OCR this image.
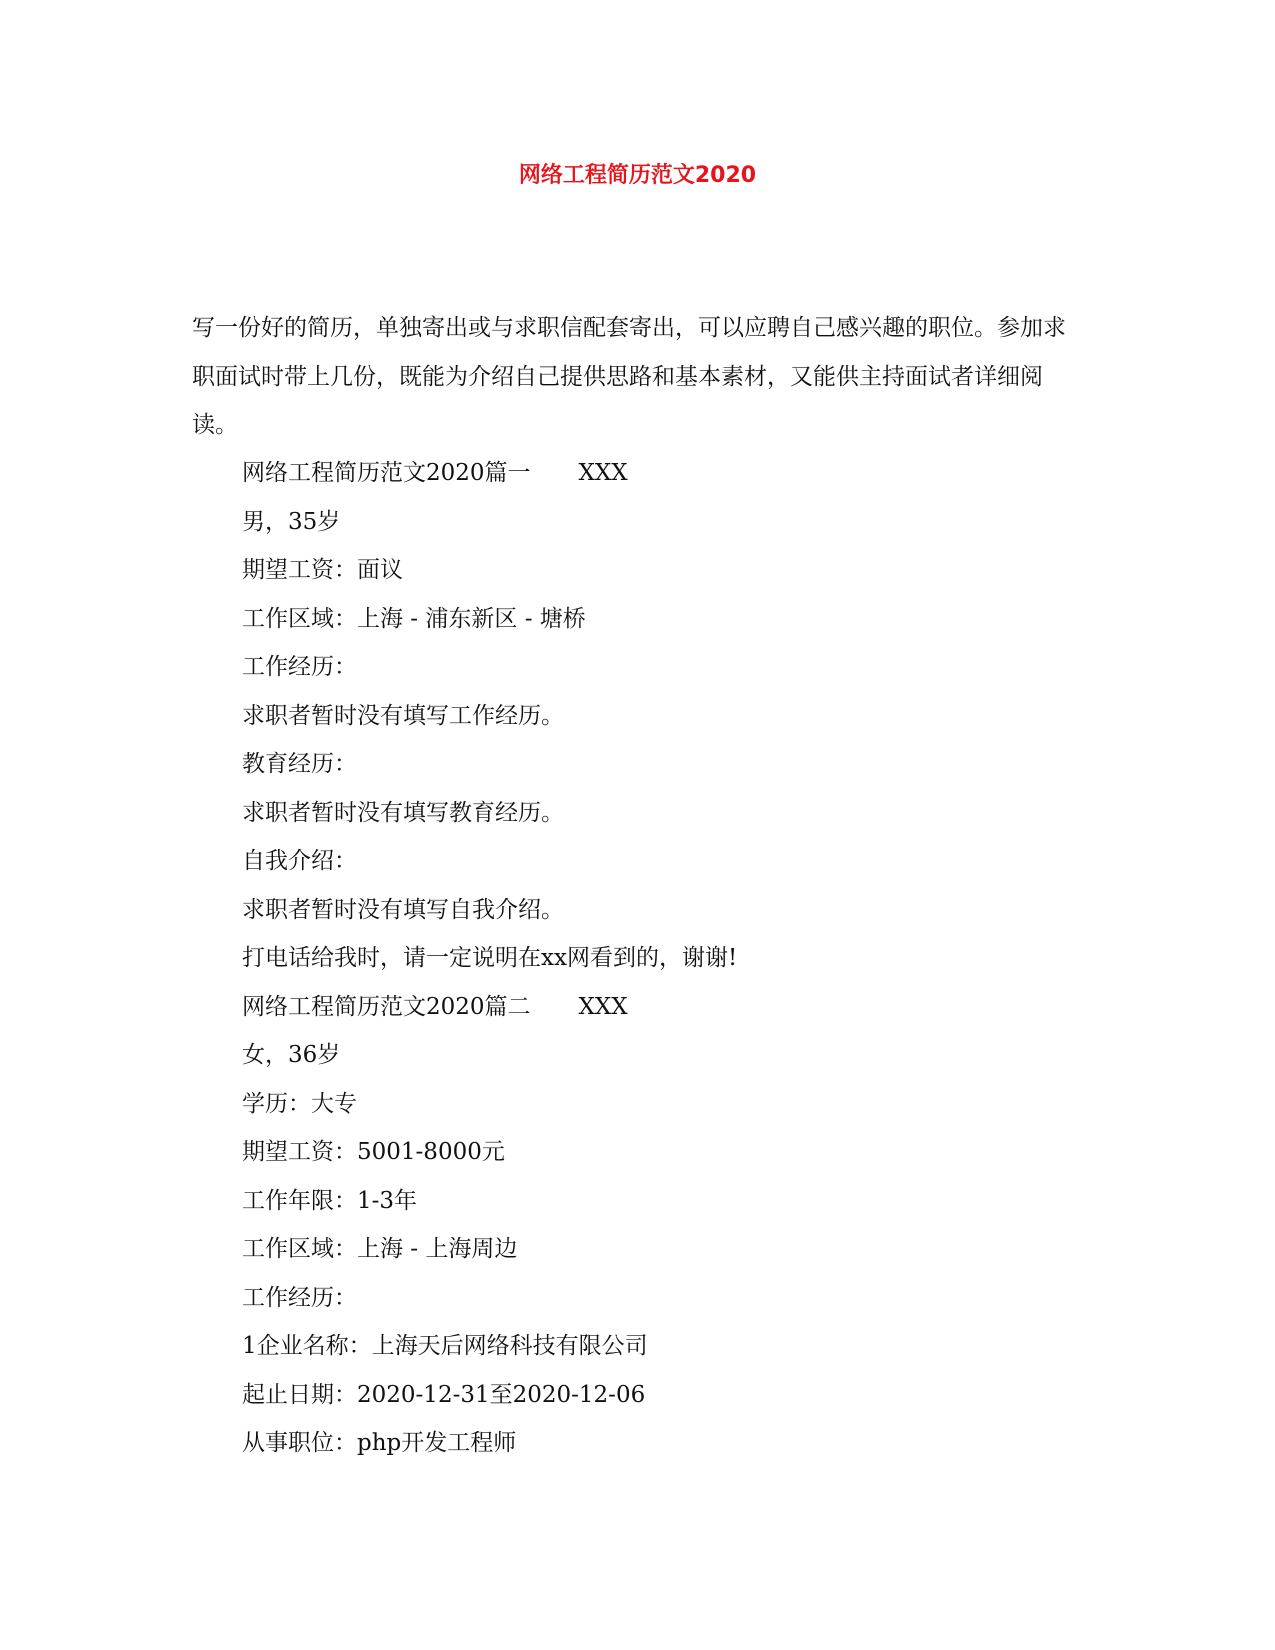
网络工程简历范文2020

写一份好的简历，单独寄出或与求职信配套寄出，可以应聘自己感兴趣的职位。参加求职面试时带上几份，既能为介绍自己提供思路和基本素材，又能供主持面试者详细阅读。

网络工程简历范文2020篇一 XXX
男，35岁
期望工资：面议
工作区域：上海 - 浦东新区 - 塘桥
工作经历：
求职者暂时没有填写工作经历。
教育经历：
求职者暂时没有填写教育经历。
自我介绍：
求职者暂时没有填写自我介绍。
打电话给我时，请一定说明在xx网看到的，谢谢!
网络工程简历范文2020篇二 XXX
女，36岁
学历：大专
期望工资：5001-8000元
工作年限：1-3年
工作区域：上海 - 上海周边
工作经历：
1企业名称：上海天后网络科技有限公司
起止日期：2020-12-31至2020-12-06
从事职位：php开发工程师
